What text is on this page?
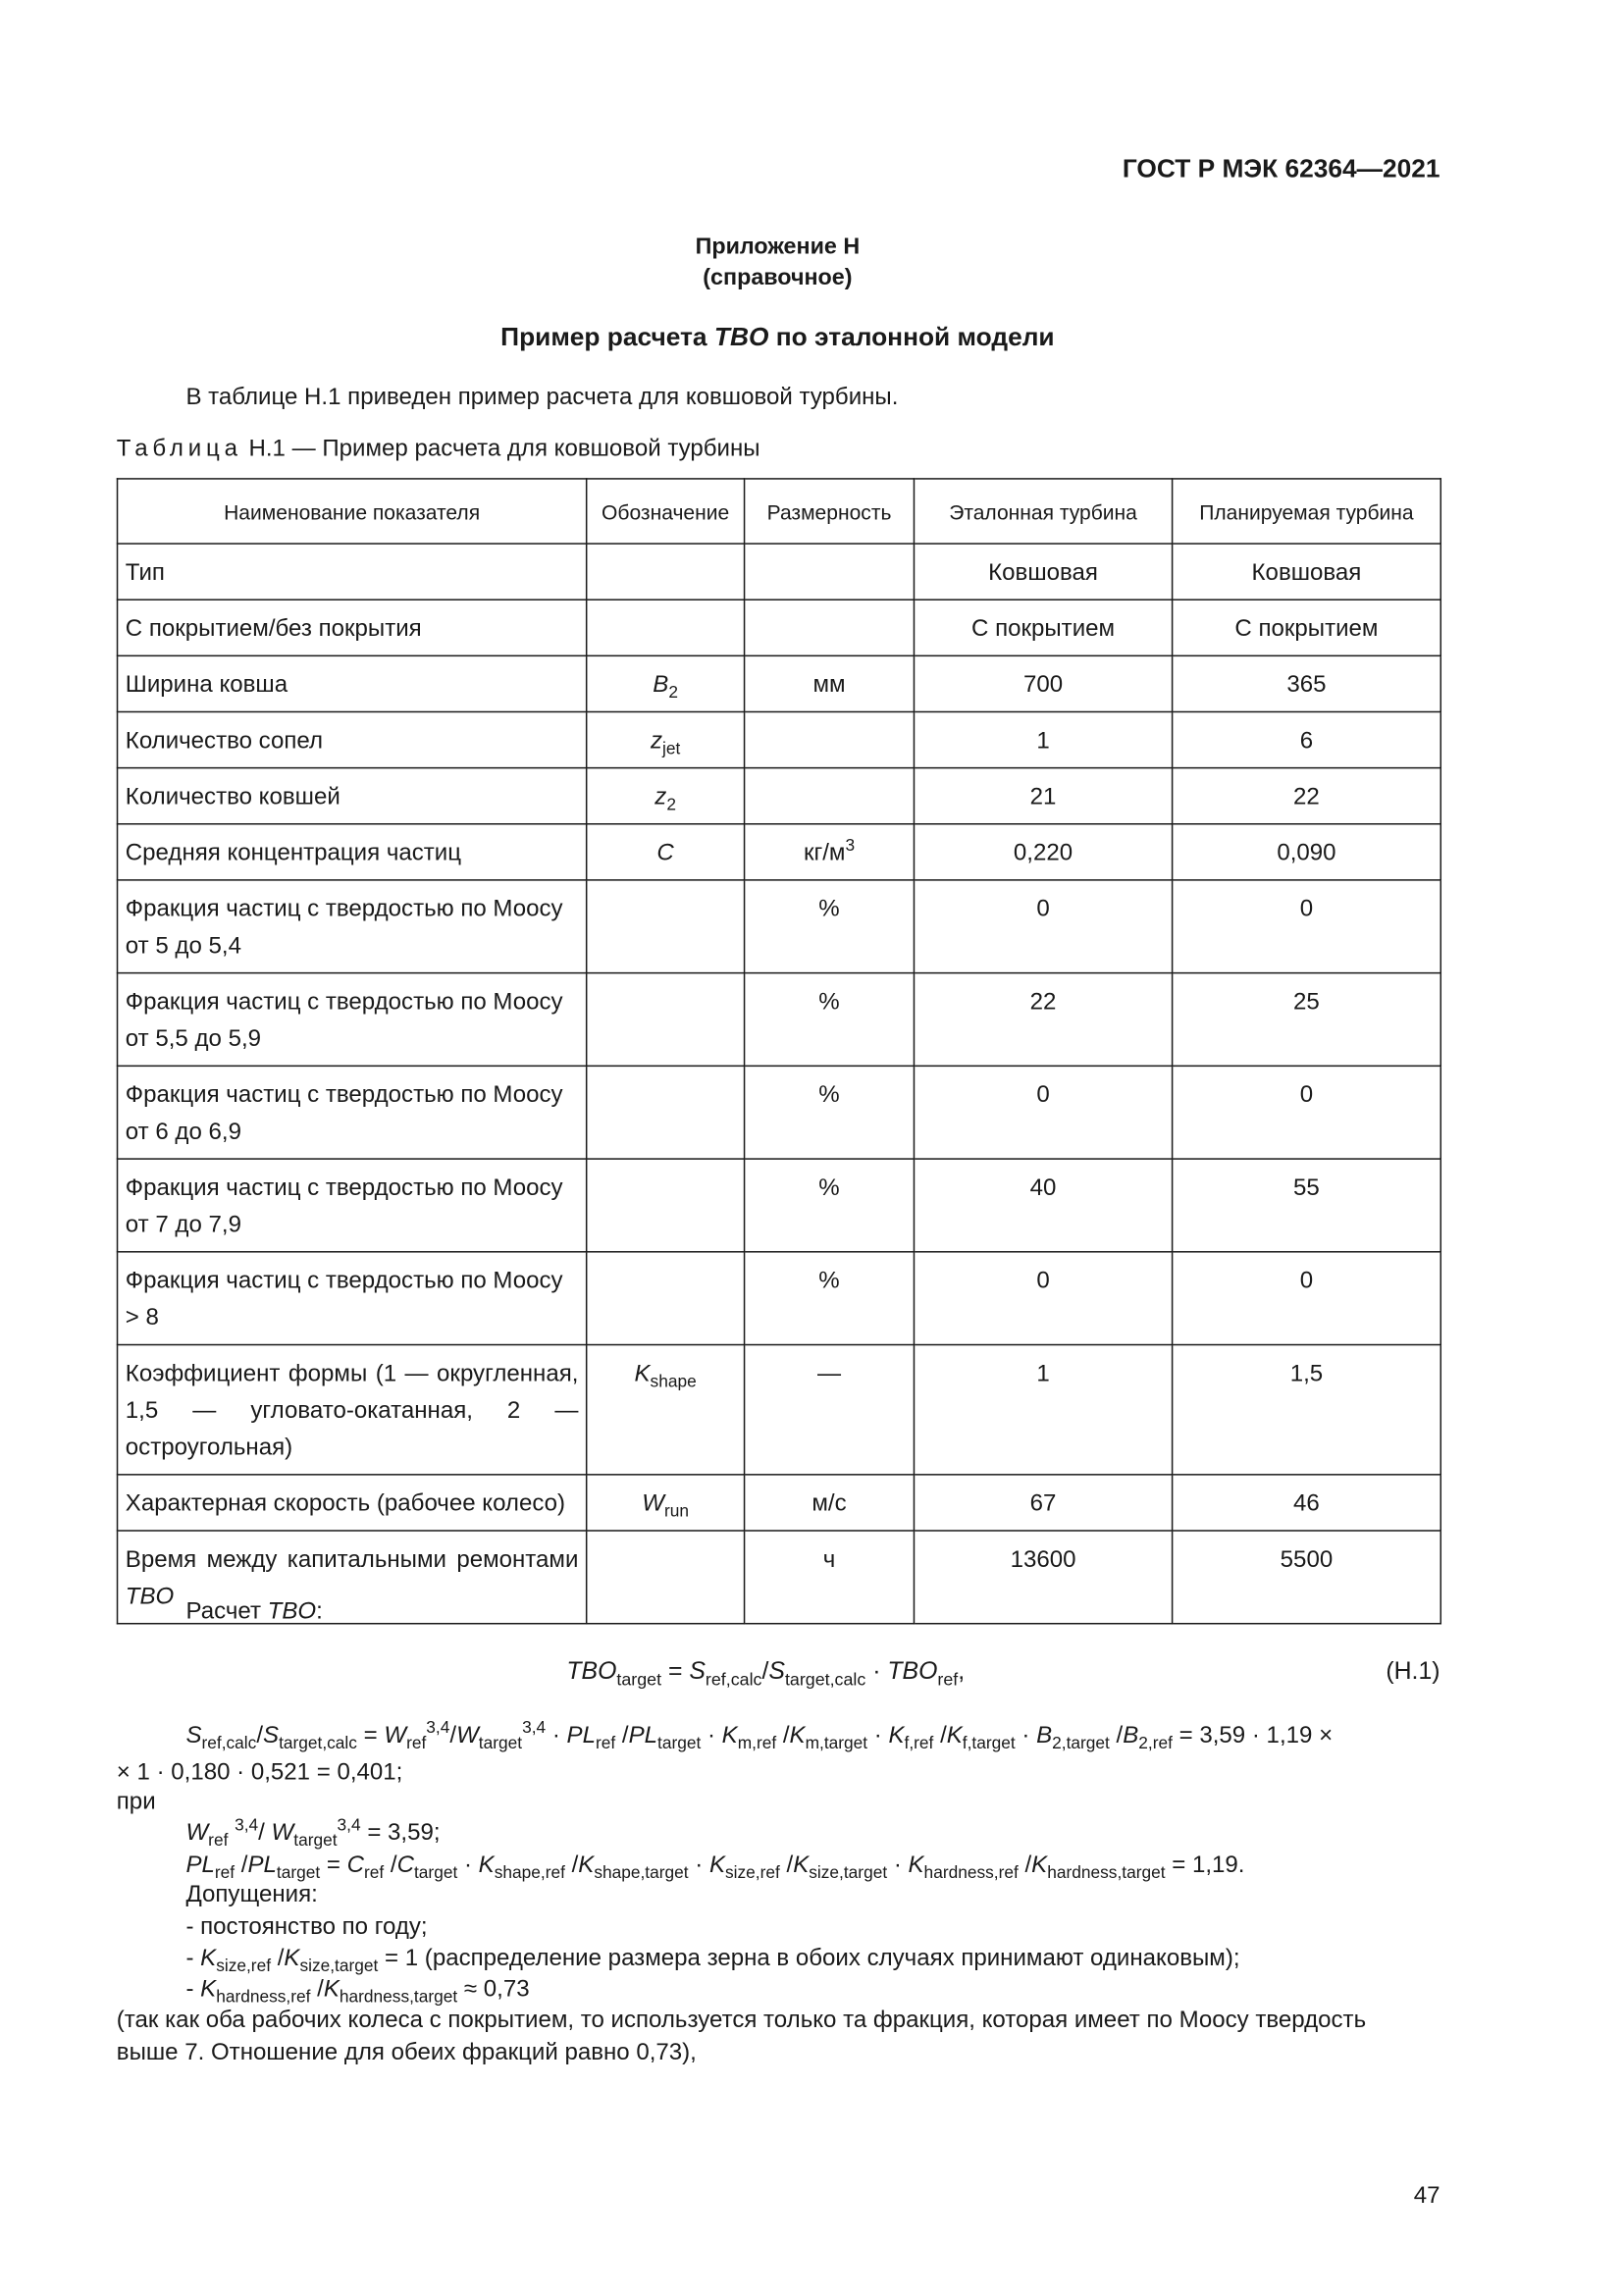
ГОСТ Р МЭК 62364—2021
Приложение Н
(справочное)
Пример расчета TBO по эталонной модели
В таблице Н.1 приведен пример расчета для ковшовой турбины.
Таблица Н.1 — Пример расчета для ковшовой турбины
Наименование показателя	Обозначение	Размерность	Эталонная турбина	Планируемая турбина
Тип			Ковшовая	Ковшовая
С покрытием/без покрытия			С покрытием	С покрытием
Ширина ковша	$B_2$	мм	700	365
Количество сопел	$z_{jet}$		1	6
Количество ковшей	$z_2$		21	22
Средняя концентрация частиц	C	$кг/м^3$	0,220	0,090
Фракция частиц с твердостью по Моосу от 5 до 5,4		%	0	0
Фракция частиц с твердостью по Моосу от 5,5 до 5,9		%	22	25
Фракция частиц с твердостью по Моосу от 6 до 6,9		%	0	0
Фракция частиц с твердостью по Моосу от 7 до 7,9		%	40	55
Фракция частиц с твердостью по Моосу > 8		%	0	0
Коэффициент формы (1 — округленная, 1,5 — угловато-окатанная, 2 — остроугольная)	$K_{shape}$	—	1	1,5
Характерная скорость (рабочее колесо)	$W_{run}$	м/с	67	46
Время между капитальными ремонтами TBO		ч	13600	5500
Расчет TBO:
$TBO_{target} = S_{ref,calc}/S_{target,calc} \cdot TBO_{ref}$,	(Н.1)
$S_{ref,calc}/S_{target,calc} = W_{ref}^{3,4}/W_{target}^{3,4} \cdot PL_{ref}$ $/PL_{target} \cdot K_{m,ref}$ $/K_{m,target} \cdot K_{f,ref}$ $/K_{f,target} \cdot B_{2,target}$ $/B_{2,ref} = 3,59 \cdot 1,19$ ×
× 1 · 0,180 · 0,521 = 0,401;
при
$W_{ref}$ $^{3,4}$/ $W_{target}^{3,4} = 3,59$;
$PL_{ref}$ $/PL_{target} = C_{ref}$ $/C_{target} \cdot K_{shape,ref}$ $/K_{shape,target} \cdot K_{size,ref}$ $/K_{size,target} \cdot K_{hardness,ref}$ $/K_{hardness,target} = 1,19$.
Допущения:
- постоянство по году;
- $K_{size,ref}$ $/K_{size,target} = 1$ (распределение размера зерна в обоих случаях принимают одинаковым);
- $K_{hardness,ref}$ $/K_{hardness,target} \approx 0,73$
(так как оба рабочих колеса с покрытием, то используется только та фракция, которая имеет по Моосу твердость
выше 7. Отношение для обеих фракций равно 0,73),
47
